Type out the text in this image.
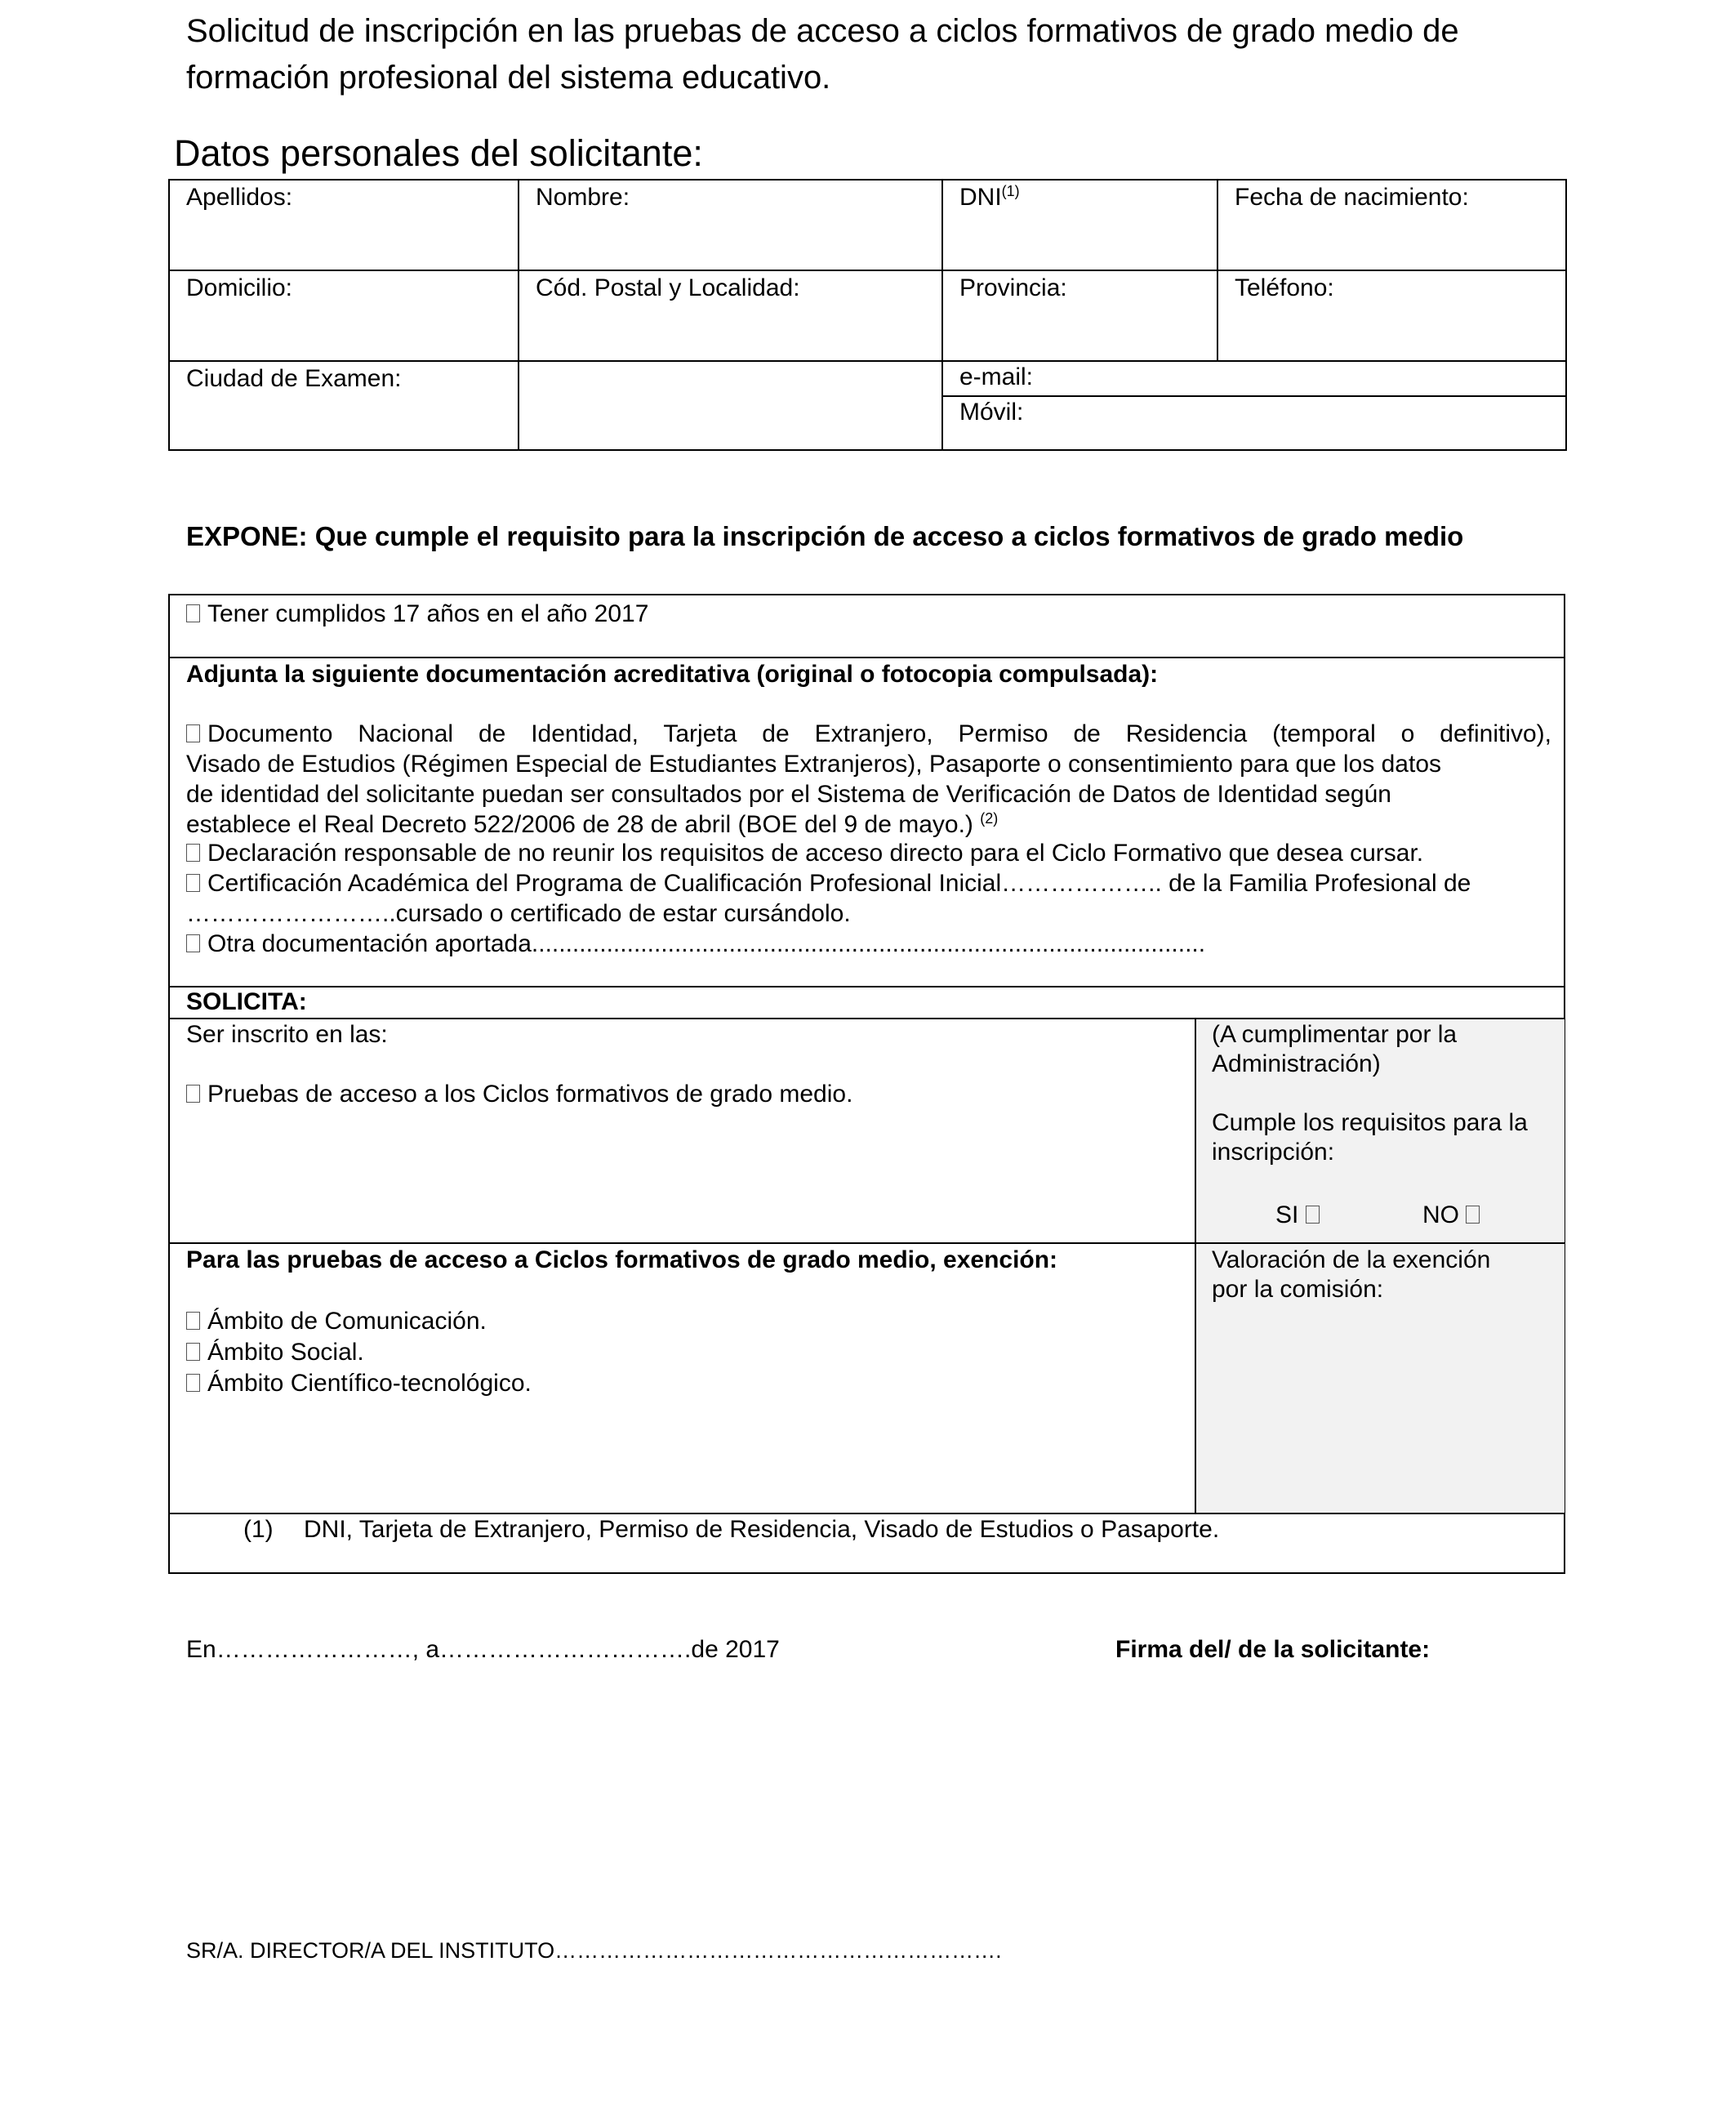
Solicitud de inscripción en las pruebas de acceso a ciclos formativos de grado medio de
formación profesional del sistema educativo.
Datos personales del solicitante:
Apellidos:	Nombre:	DNI$^{(1)}$	Fecha de nacimiento:
Domicilio:	Cód. Postal y Localidad:	Provincia:	Teléfono:
Ciudad de Examen:		e-mail:	
		Móvil:	
EXPONE: Que cumple el requisito para la inscripción de acceso a ciclos formativos de grado medio
Tener cumplidos 17 años en el año 2017
Adjunta la siguiente documentación acreditativa (original o fotocopia compulsada):
Documento Nacional de Identidad, Tarjeta de Extranjero, Permiso de Residencia (temporal o definitivo),
Visado de Estudios (Régimen Especial de Estudiantes Extranjeros), Pasaporte o consentimiento para que los datos
de identidad del solicitante puedan ser consultados por el Sistema de Verificación de Datos de Identidad según
establece el Real Decreto 522/2006 de 28 de abril (BOE del 9 de mayo.) $^{(2)}$
Declaración responsable de no reunir los requisitos de acceso directo para el Ciclo Formativo que desea cursar.
Certificación Académica del Programa de Cualificación Profesional Inicial……………….. de la Familia Profesional de
……………………..cursado o certificado de estar cursándolo.
Otra documentación aportada...................................................................................................
SOLICITA:
Ser inscrito en las:
Pruebas de acceso a los Ciclos formativos de grado medio.
(A cumplimentar por la
Administración)
Cumple los requisitos para la
inscripción:
SI	NO
Para las pruebas de acceso a Ciclos formativos de grado medio, exención:
Ámbito de Comunicación.
Ámbito Social.
Ámbito Científico-tecnológico.
Valoración de la exención
por la comisión:
(1) DNI, Tarjeta de Extranjero, Permiso de Residencia, Visado de Estudios o Pasaporte.
En……………………, a………………………….de 2017	Firma del/ de la solicitante:
SR/A. DIRECTOR/A DEL INSTITUTO…………………………………………………….
